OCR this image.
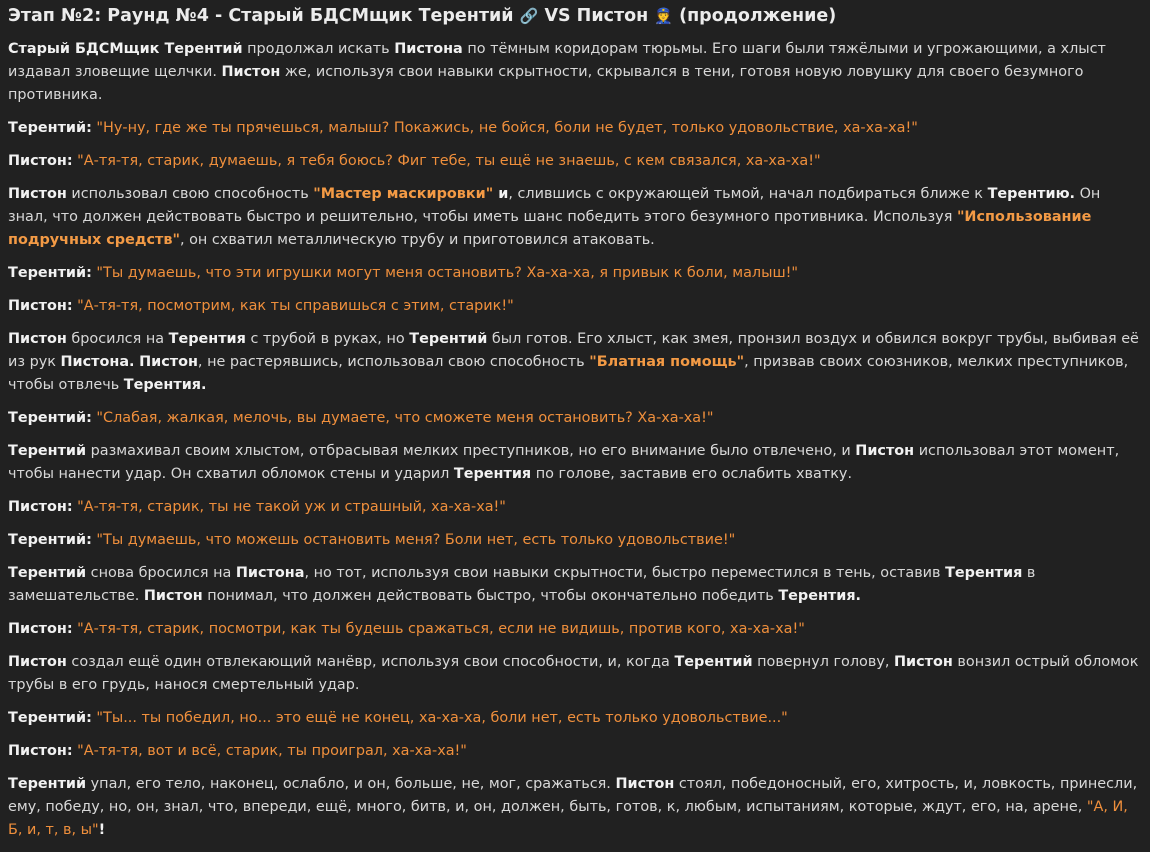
Этап №2: Раунд №4 - Старый БДСМщик Терентий 🔗 VS Пистон 👮 (продолжение)

Старый БДСМщик Терентий продолжал искать Пистона по тёмным коридорам тюрьмы. Его шаги были тяжёлыми и угрожающими, а хлыст издавал зловещие щелчки. Пистон же, используя свои навыки скрытности, скрывался в тени, готовя новую ловушку для своего безумного противника.

Терентий: "Ну-ну, где же ты прячешься, малыш? Покажись, не бойся, боли не будет, только удовольствие, ха-ха-ха!"

Пистон: "А-тя-тя, старик, думаешь, я тебя боюсь? Фиг тебе, ты ещё не знаешь, с кем связался, ха-ха-ха!"

Пистон использовал свою способность "Мастер маскировки" и, слившись с окружающей тьмой, начал подбираться ближе к Терентию. Он знал, что должен действовать быстро и решительно, чтобы иметь шанс победить этого безумного противника. Используя "Использование подручных средств", он схватил металлическую трубу и приготовился атаковать.

Терентий: "Ты думаешь, что эти игрушки могут меня остановить? Ха-ха-ха, я привык к боли, малыш!"

Пистон: "А-тя-тя, посмотрим, как ты справишься с этим, старик!"

Пистон бросился на Терентия с трубой в руках, но Терентий был готов. Его хлыст, как змея, пронзил воздух и обвился вокруг трубы, выбивая её из рук Пистона. Пистон, не растерявшись, использовал свою способность "Блатная помощь", призвав своих союзников, мелких преступников, чтобы отвлечь Терентия.

Терентий: "Слабая, жалкая, мелочь, вы думаете, что сможете меня остановить? Ха-ха-ха!"

Терентий размахивал своим хлыстом, отбрасывая мелких преступников, но его внимание было отвлечено, и Пистон использовал этот момент, чтобы нанести удар. Он схватил обломок стены и ударил Терентия по голове, заставив его ослабить хватку.

Пистон: "А-тя-тя, старик, ты не такой уж и страшный, ха-ха-ха!"

Терентий: "Ты думаешь, что можешь остановить меня? Боли нет, есть только удовольствие!"

Терентий снова бросился на Пистона, но тот, используя свои навыки скрытности, быстро переместился в тень, оставив Терентия в замешательстве. Пистон понимал, что должен действовать быстро, чтобы окончательно победить Терентия.

Пистон: "А-тя-тя, старик, посмотри, как ты будешь сражаться, если не видишь, против кого, ха-ха-ха!"

Пистон создал ещё один отвлекающий манёвр, используя свои способности, и, когда Терентий повернул голову, Пистон вонзил острый обломок трубы в его грудь, нанося смертельный удар.

Терентий: "Ты... ты победил, но... это ещё не конец, ха-ха-ха, боли нет, есть только удовольствие..."

Пистон: "А-тя-тя, вот и всё, старик, ты проиграл, ха-ха-ха!"

Терентий упал, его тело, наконец, ослабло, и он, больше, не, мог, сражаться. Пистон стоял, победоносный, его, хитрость, и, ловкость, принесли, ему, победу, но, он, знал, что, впереди, ещё, много, битв, и, он, должен, быть, готов, к, любым, испытаниям, которые, ждут, его, на, арене, "А, И, Б, и, т, в, ы"!
